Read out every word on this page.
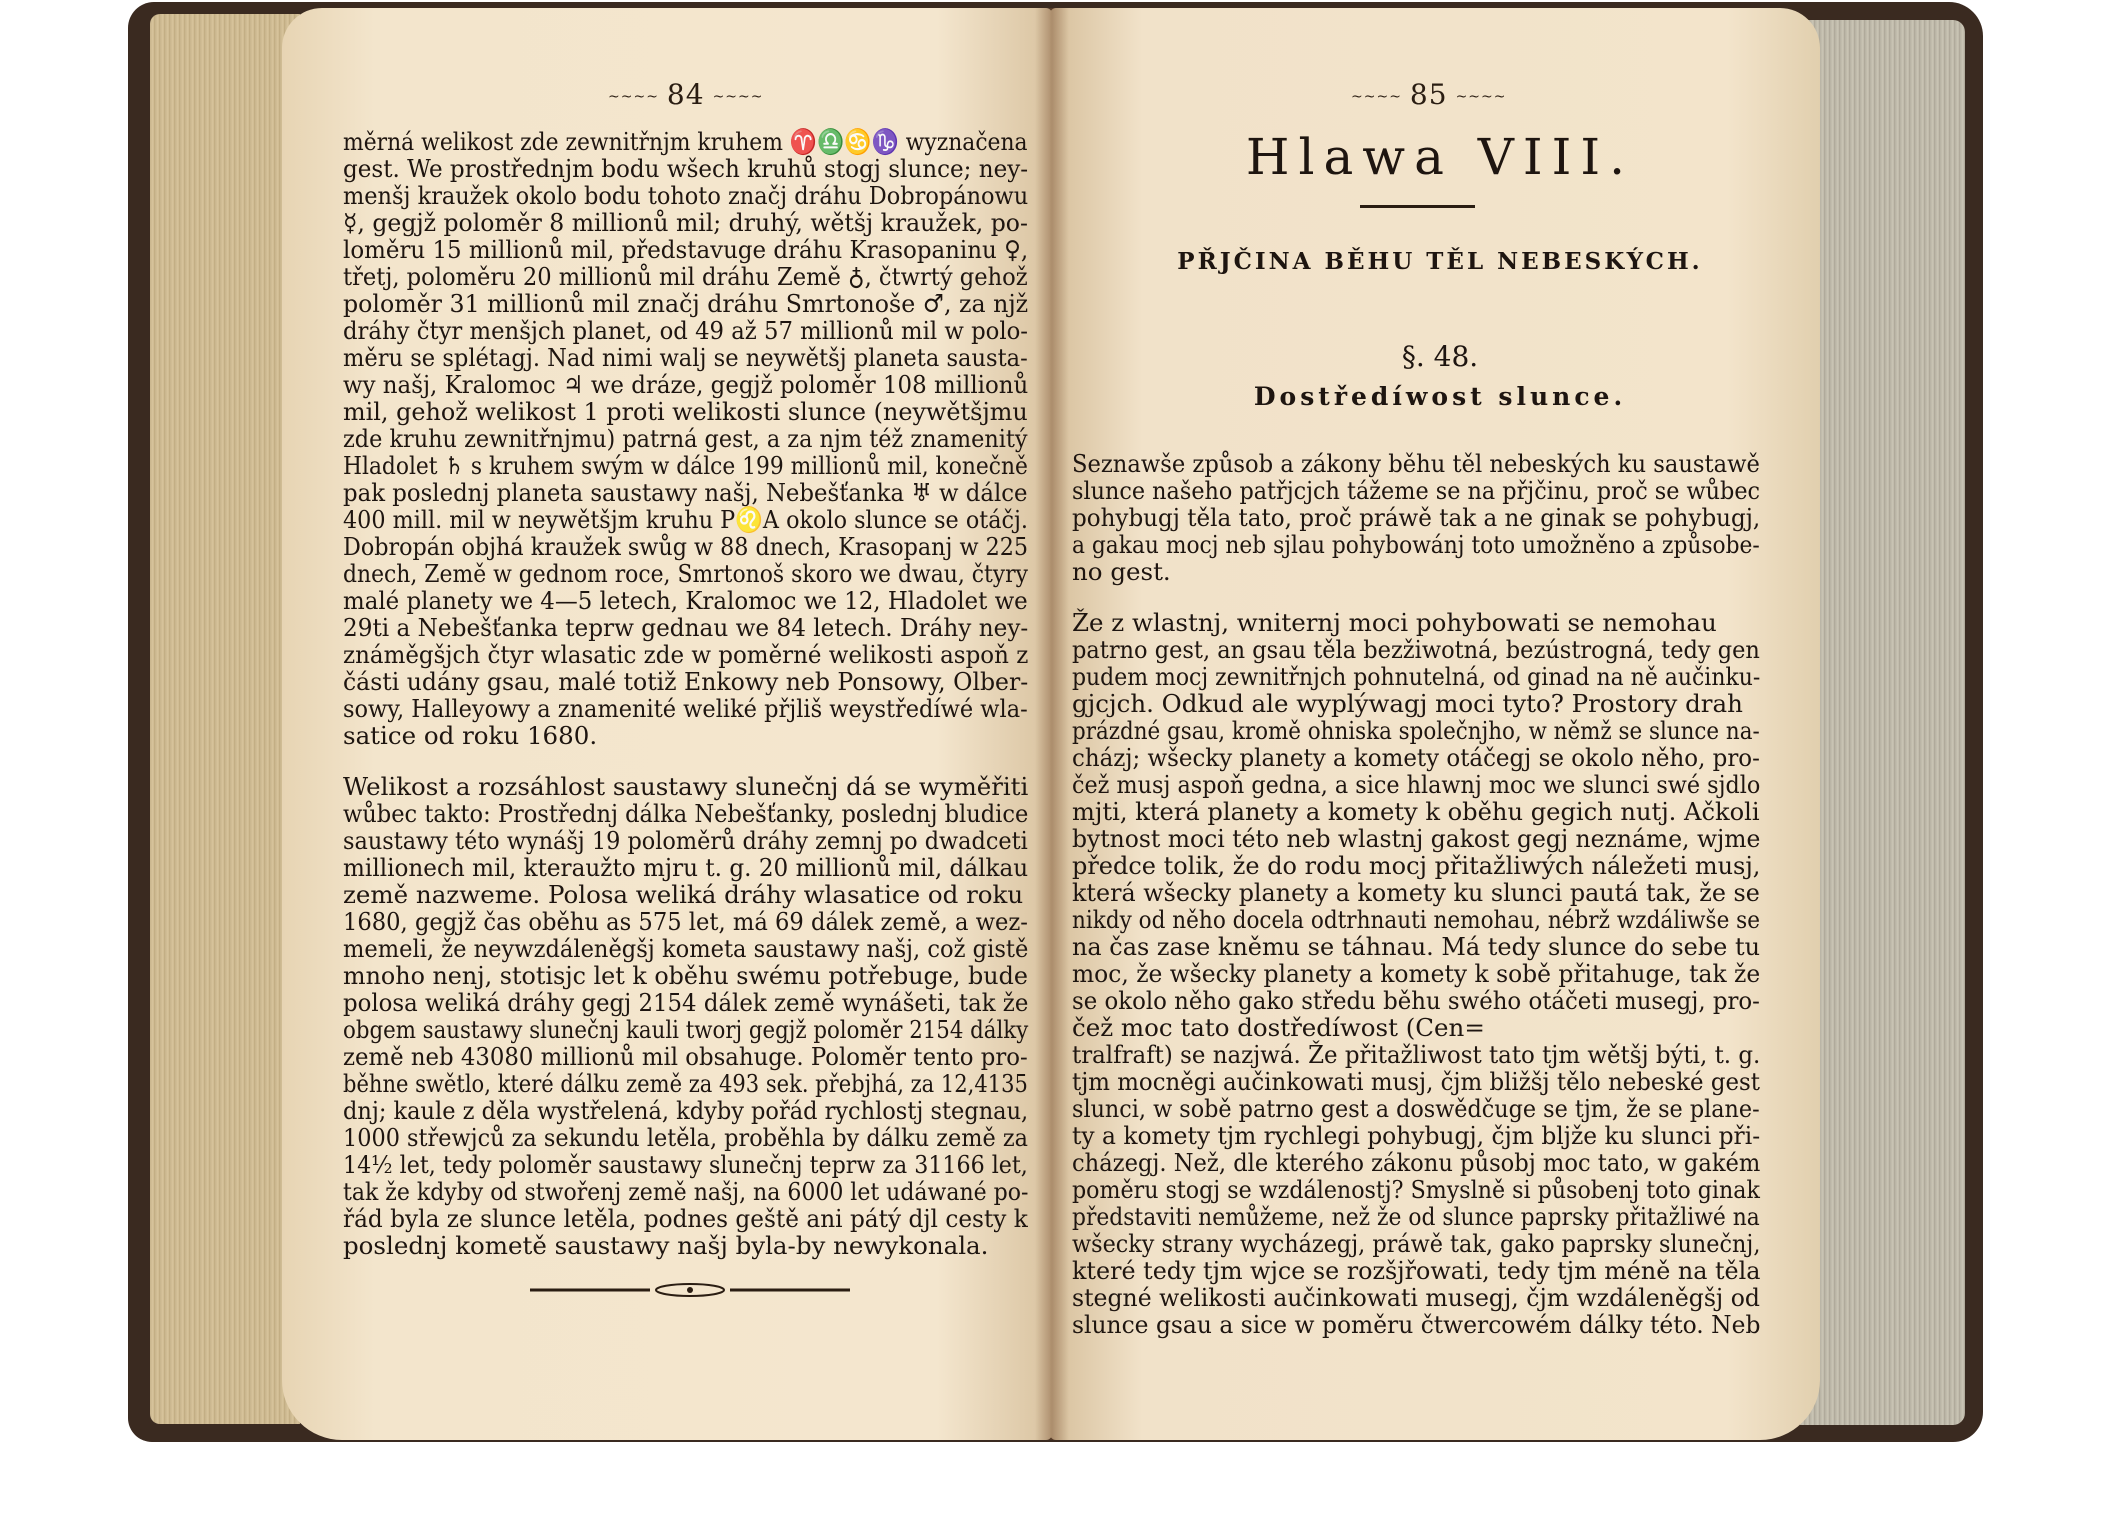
~~~~ 84 ~~~~
měrná welikost zde zewnitřnjm kruhem ♈♎♋♑ wyznačena
gest. We prostřednjm bodu wšech kruhů stogj slunce; ney-
menšj kraužek okolo bodu tohoto značj dráhu Dobropánowu
☿, gegjž poloměr 8 millionů mil; druhý, wětšj kraužek, po-
loměru 15 millionů mil, představuge dráhu Krasopaninu ♀,
třetj, poloměru 20 millionů mil dráhu Země ♁, čtwrtý gehož
poloměr 31 millionů mil značj dráhu Smrtonoše ♂, za njž
dráhy čtyr menšjch planet, od 49 až 57 millionů mil w polo-
měru se splétagj. Nad nimi walj se neywětšj planeta sausta-
wy našj, Kralomoc ♃ we dráze, gegjž poloměr 108 millionů
mil, gehož welikost 1 proti welikosti slunce (neywětšjmu
zde kruhu zewnitřnjmu) patrná gest, a za njm též znamenitý
Hladolet ♄ s kruhem swým w dálce 199 millionů mil, konečně
pak poslednj planeta saustawy našj, Nebešťanka ♅ w dálce
400 mill. mil w neywětšjm kruhu P♌A okolo slunce se otáčj.
Dobropán objhá kraužek swůg w 88 dnech, Krasopanj w 225
dnech, Země w gednom roce, Smrtonoš skoro we dwau, čtyry
malé planety we 4—5 letech, Kralomoc we 12, Hladolet we
29ti a Nebešťanka teprw gednau we 84 letech. Dráhy ney-
známěgšjch čtyr wlasatic zde w poměrné welikosti aspoň z
části udány gsau, malé totiž Enkowy neb Ponsowy, Olber-
sowy, Halleyowy a znamenité weliké přjliš weystředíwé wla-
satice od roku 1680.
Welikost a rozsáhlost saustawy slunečnj dá se wyměřiti
wůbec takto: Prostřednj dálka Nebešťanky, poslednj bludice
saustawy této wynášj 19 poloměrů dráhy zemnj po dwadceti
millionech mil, kteraužto mjru t. g. 20 millionů mil, dálkau
země nazweme. Polosa weliká dráhy wlasatice od roku
1680, gegjž čas oběhu as 575 let, má 69 dálek země, a wez-
memeli, že neywzdáleněgšj kometa saustawy našj, což gistě
mnoho nenj, stotisjc let k oběhu swému potřebuge, bude
polosa weliká dráhy gegj 2154 dálek země wynášeti, tak že
obgem saustawy slunečnj kauli tworj gegjž poloměr 2154 dálky
země neb 43080 millionů mil obsahuge. Poloměr tento pro-
běhne swětlo, které dálku země za 493 sek. přebjhá, za 12,4135
dnj; kaule z děla wystřelená, kdyby pořád rychlostj stegnau,
1000 střewjců za sekundu letěla, proběhla by dálku země za
14½ let, tedy poloměr saustawy slunečnj teprw za 31166 let,
tak že kdyby od stwořenj země našj, na 6000 let udáwané po-
řád byla ze slunce letěla, podnes geště ani pátý djl cesty k
poslednj kometě saustawy našj byla-by newykonala.
~~~~ 85 ~~~~
Hlawa VIII.
PŘJČINA BĚHU TĚL NEBESKÝCH.
§. 48.
Dostředíwost slunce.
Seznawše způsob a zákony běhu těl nebeských ku saustawě
slunce našeho patřjcjch tážeme se na přjčinu, proč se wůbec
pohybugj těla tato, proč práwě tak a ne ginak se pohybugj,
a gakau mocj neb sjlau pohybowánj toto umožněno a způsobe-
no gest.
Že z wlastnj, wniternj moci pohybowati se nemohau
patrno gest, an gsau těla bezžiwotná, bezústrogná, tedy gen
pudem mocj zewnitřnjch pohnutelná, od ginad na ně aučinku-
gjcjch. Odkud ale wyplýwagj moci tyto? Prostory drah
prázdné gsau, kromě ohniska společnjho, w němž se slunce na-
cházj; wšecky planety a komety otáčegj se okolo něho, pro-
čež musj aspoň gedna, a sice hlawnj moc we slunci swé sjdlo
mjti, která planety a komety k oběhu gegich nutj. Ačkoli
bytnost moci této neb wlastnj gakost gegj neznáme, wjme
předce tolik, že do rodu mocj přitažliwých náležeti musj,
která wšecky planety a komety ku slunci pautá tak, že se
nikdy od něho docela odtrhnauti nemohau, nébrž wzdáliwše se
na čas zase kněmu se táhnau. Má tedy slunce do sebe tu
moc, že wšecky planety a komety k sobě přitahuge, tak že
se okolo něho gako středu běhu swého otáčeti musegj, pro-
čež moc tato dostředíwost (Cen=
tralfraft) se nazjwá. Že přitažliwost tato tjm wětšj býti, t. g.
tjm mocněgi aučinkowati musj, čjm bližšj tělo nebeské gest
slunci, w sobě patrno gest a doswědčuge se tjm, že se plane-
ty a komety tjm rychlegi pohybugj, čjm bljže ku slunci při-
cházegj. Než, dle kterého zákonu působj moc tato, w gakém
poměru stogj se wzdálenostj? Smyslně si působenj toto ginak
představiti nemůžeme, než že od slunce paprsky přitažliwé na
wšecky strany wycházegj, práwě tak, gako paprsky slunečnj,
které tedy tjm wjce se rozšjřowati, tedy tjm méně na těla
stegné welikosti aučinkowati musegj, čjm wzdáleněgšj od
slunce gsau a sice w poměru čtwercowém dálky této. Neb
